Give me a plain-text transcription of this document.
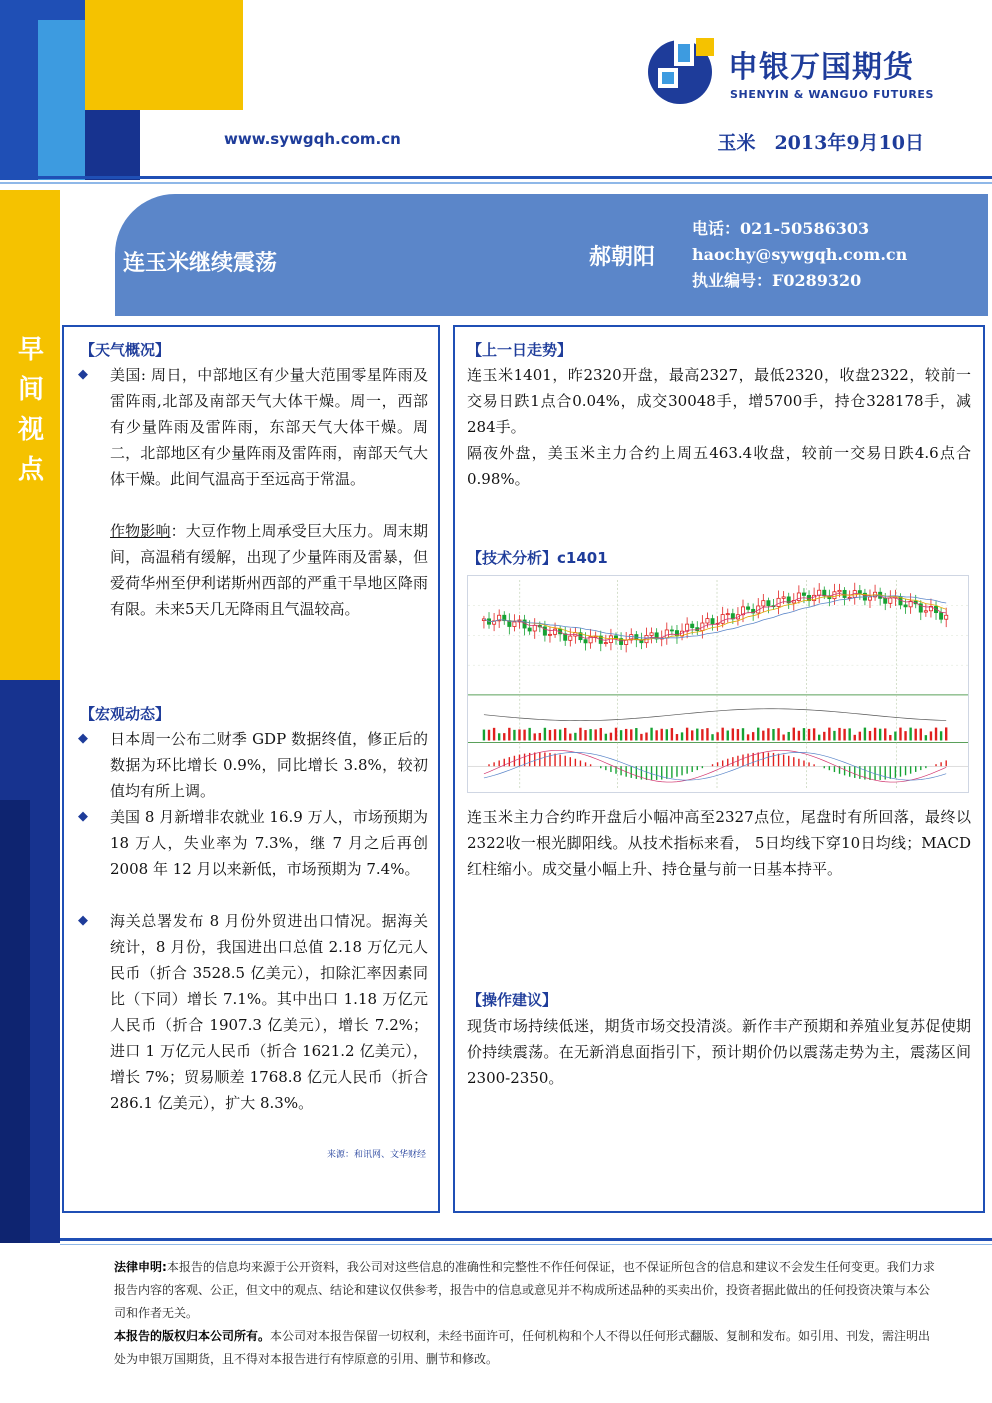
www.sywgqh.com.cn	玉米　2013年9月10日
申银万国期货
SHENYIN & WANGUO FUTURES
早
间
视
点
连玉米继续震荡	郝朝阳
电话：021-50586303
haochy@sywgqh.com.cn
执业编号：F0289320
【天气概况】
◆ 美国: 周日，中部地区有少量大范围零星阵雨及雷阵雨,北部及南部天气大体干燥。周一，西部有少量阵雨及雷阵雨，东部天气大体干燥。周二，北部地区有少量阵雨及雷阵雨，南部天气大体干燥。此间气温高于至远高于常温。
作物影响：大豆作物上周承受巨大压力。周末期间，高温稍有缓解，出现了少量阵雨及雷暴，但爱荷华州至伊利诺斯州西部的严重干旱地区降雨有限。未来5天几无降雨且气温较高。
【宏观动态】
◆ 日本周一公布二财季 GDP 数据终值，修正后的数据为环比增长 0.9%，同比增长 3.8%，较初值均有所上调。
◆ 美国 8 月新增非农就业 16.9 万人，市场预期为 18 万人，失业率为 7.3%，继 7 月之后再创 2008 年 12 月以来新低，市场预期为 7.4%。
◆ 海关总署发布 8 月份外贸进出口情况。据海关统计，8 月份，我国进出口总值 2.18 万亿元人民币（折合 3528.5 亿美元），扣除汇率因素同比（下同）增长 7.1%。其中出口 1.18 万亿元人民币（折合 1907.3 亿美元），增长 7.2%；进口 1 万亿元人民币（折合 1621.2 亿美元），增长 7%；贸易顺差 1768.8 亿元人民币（折合 286.1 亿美元），扩大 8.3%。
来源：和讯网、文华财经
【上一日走势】
连玉米1401，昨2320开盘，最高2327，最低2320，收盘2322，较前一交易日跌1点合0.04%，成交30048手，增5700手，持仓328178手，减284手。
隔夜外盘，美玉米主力合约上周五463.4收盘，较前一交易日跌4.6点合0.98%。
【技术分析】c1401
连玉米主力合约昨开盘后小幅冲高至2327点位，尾盘时有所回落，最终以2322收一根光脚阳线。从技术指标来看， 5日均线下穿10日均线；MACD红柱缩小。成交量小幅上升、持仓量与前一日基本持平。
【操作建议】
现货市场持续低迷，期货市场交投清淡。新作丰产预期和养殖业复苏促使期价持续震荡。在无新消息面指引下，预计期价仍以震荡走势为主，震荡区间2300-2350。

法律申明:本报告的信息均来源于公开资料，我公司对这些信息的准确性和完整性不作任何保证，也不保证所包含的信息和建议不会发生任何变更。我们力求报告内容的客观、公正，但文中的观点、结论和建议仅供参考，报告中的信息或意见并不构成所述品种的买卖出价，投资者据此做出的任何投资决策与本公司和作者无关。

本报告的版权归本公司所有。本公司对本报告保留一切权利，未经书面许可，任何机构和个人不得以任何形式翻版、复制和发布。如引用、刊发，需注明出处为申银万国期货，且不得对本报告进行有悖原意的引用、删节和修改。
